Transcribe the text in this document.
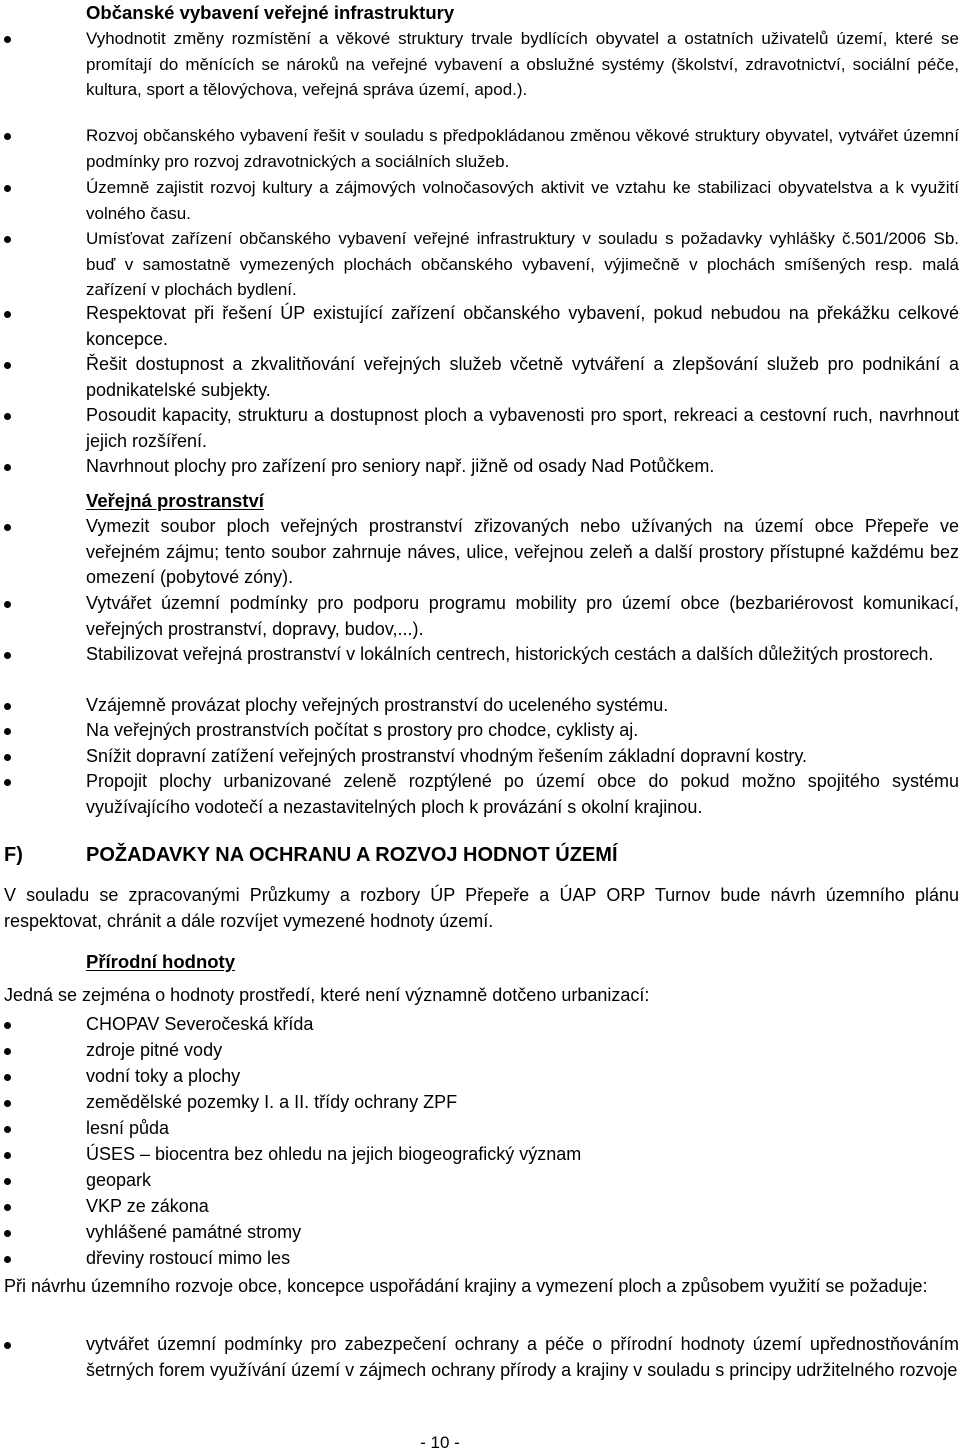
Občanské vybavení veřejné infrastruktury
Vyhodnotit změny rozmístění a věkové struktury trvale bydlících obyvatel a ostatních uživatelů území, které se promítají do měnících se nároků na veřejné vybavení a obslužné systémy (školství, zdravotnictví, sociální péče, kultura, sport a tělovýchova, veřejná správa území, apod.).
Rozvoj občanského vybavení řešit v souladu s předpokládanou změnou věkové struktury obyvatel, vytvářet územní podmínky pro rozvoj zdravotnických a sociálních služeb.
Územně zajistit rozvoj kultury a zájmových volnočasových aktivit ve vztahu ke stabilizaci obyvatelstva a k využití volného času.
Umísťovat zařízení občanského vybavení veřejné infrastruktury v souladu s požadavky vyhlášky č.501/2006 Sb. buď v samostatně vymezených plochách občanského vybavení, výjimečně v plochách smíšených resp. malá zařízení v plochách bydlení.
Respektovat při řešení ÚP existující zařízení občanského vybavení, pokud nebudou na překážku celkové koncepce.
Řešit dostupnost a zkvalitňování veřejných služeb včetně vytváření a zlepšování služeb pro podnikání a podnikatelské subjekty.
Posoudit kapacity, strukturu a dostupnost ploch a vybavenosti pro sport, rekreaci a cestovní ruch, navrhnout jejich rozšíření.
Navrhnout plochy pro zařízení pro seniory např. jižně od osady Nad Potůčkem.
Veřejná prostranství
Vymezit soubor ploch veřejných prostranství zřizovaných nebo užívaných na území obce Přepeře ve veřejném zájmu; tento soubor zahrnuje náves, ulice, veřejnou zeleň a další prostory přístupné každému bez omezení (pobytové zóny).
Vytvářet územní podmínky pro podporu programu mobility pro území obce (bezbariérovost komunikací, veřejných prostranství, dopravy, budov,...).
Stabilizovat veřejná prostranství v lokálních centrech, historických cestách a dalších důležitých prostorech.
Vzájemně provázat plochy veřejných prostranství do uceleného systému.
Na veřejných prostranstvích počítat s prostory pro chodce, cyklisty aj.
Snížit dopravní zatížení veřejných prostranství vhodným řešením základní dopravní kostry.
Propojit plochy urbanizované zeleně rozptýlené po území obce do pokud možno spojitého systému využívajícího vodotečí a nezastavitelných ploch k provázání s okolní krajinou.
F)	POŽADAVKY NA OCHRANU A ROZVOJ HODNOT ÚZEMÍ
V souladu se zpracovanými Průzkumy a rozbory ÚP Přepeře a ÚAP ORP Turnov bude návrh územního plánu respektovat, chránit a dále rozvíjet vymezené hodnoty území.
Přírodní hodnoty
Jedná se zejména o hodnoty prostředí, které není významně dotčeno urbanizací:
CHOPAV Severočeská křída
zdroje pitné vody
vodní toky a plochy
zemědělské pozemky I. a II. třídy ochrany ZPF
lesní půda
ÚSES – biocentra bez ohledu na jejich biogeografický význam
geopark
VKP ze zákona
vyhlášené památné stromy
dřeviny rostoucí mimo les
Při návrhu územního rozvoje obce, koncepce uspořádání krajiny a vymezení ploch a způsobem využití se požaduje:
vytvářet územní podmínky pro zabezpečení ochrany a péče o přírodní hodnoty území upřednostňováním šetrných forem využívání území v zájmech ochrany přírody a krajiny v souladu s principy udržitelného rozvoje
- 10 -
